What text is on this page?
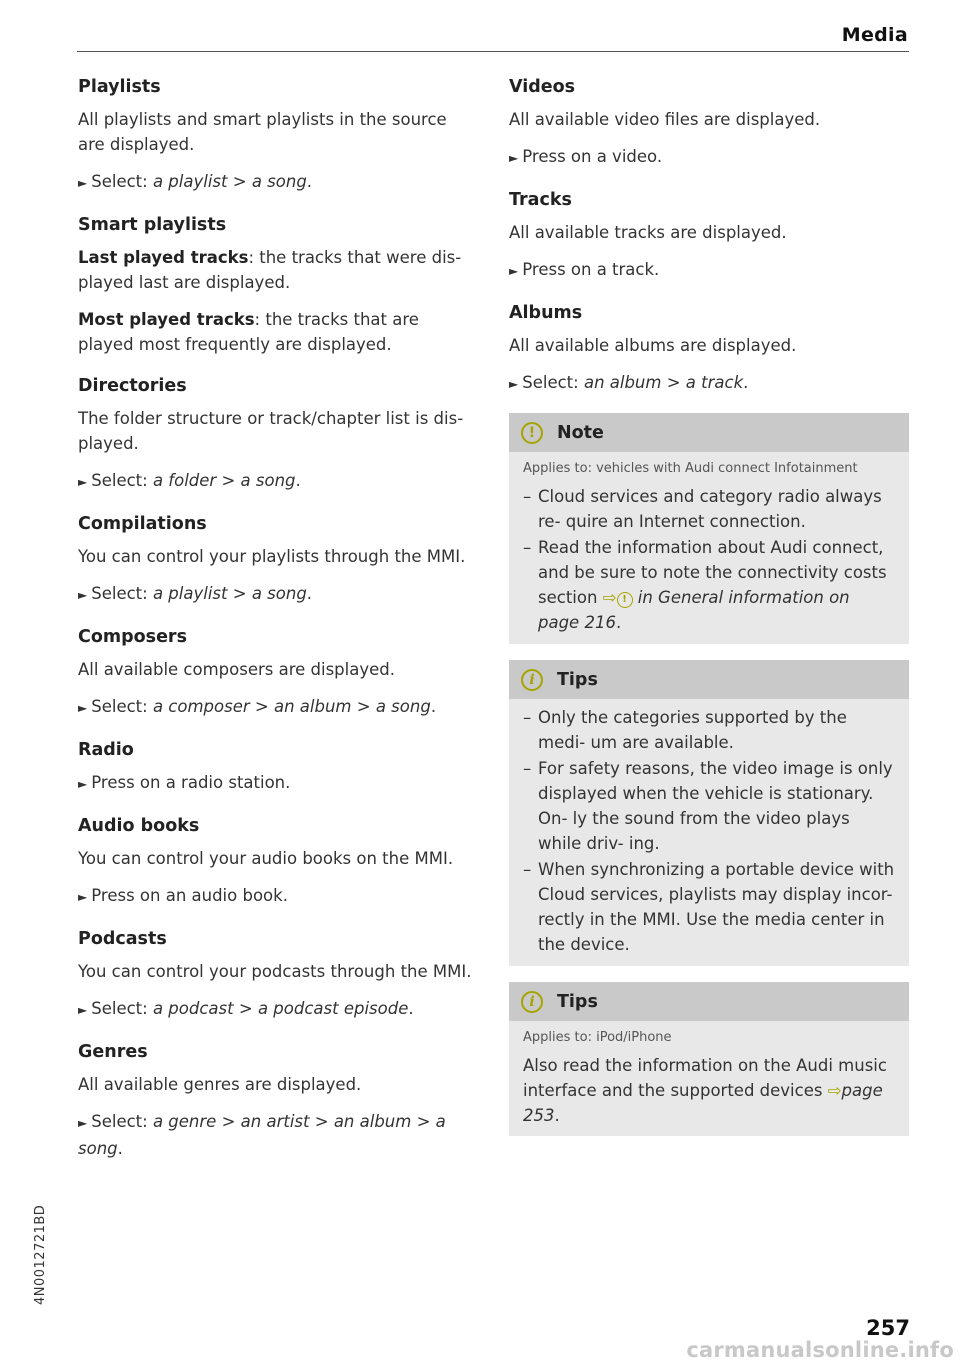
Media
Playlists

All playlists and smart playlists in the source are displayed.

► Select: a playlist > a song.

Smart playlists

Last played tracks: the tracks that were dis- played last are displayed.

Most played tracks: the tracks that are played most frequently are displayed.

Directories

The folder structure or track/chapter list is dis- played.

► Select: a folder > a song.

Compilations

You can control your playlists through the MMI.

► Select: a playlist > a song.

Composers

All available composers are displayed.

► Select: a composer > an album > a song.

Radio

► Press on a radio station.

Audio books

You can control your audio books on the MMI.

► Press on an audio book.

Podcasts

You can control your podcasts through the MMI.

► Select: a podcast > a podcast episode.

Genres

All available genres are displayed.

► Select: a genre > an artist > an album > a song.

Videos

All available video files are displayed.

► Press on a video.

Tracks

All available tracks are displayed.

► Press on a track.

Albums

All available albums are displayed.

► Select: an album > a track.

!	Note
Applies to: vehicles with Audi connect Infotainment
– Cloud services and category radio always re- quire an Internet connection.
– Read the information about Audi connect, and be sure to note the connectivity costs section ⇨ ! in General information on page 216.
i	Tips
– Only the categories supported by the medi- um are available.
– For safety reasons, the video image is only displayed when the vehicle is stationary. On- ly the sound from the video plays while driv- ing.
– When synchronizing a portable device with Cloud services, playlists may display incor- rectly in the MMI. Use the media center in the device.
i	Tips
Applies to: iPod/iPhone

Also read the information on the Audi music interface and the supported devices ⇨page 253.

4N0012721BD
257
carmanualsonline.info
